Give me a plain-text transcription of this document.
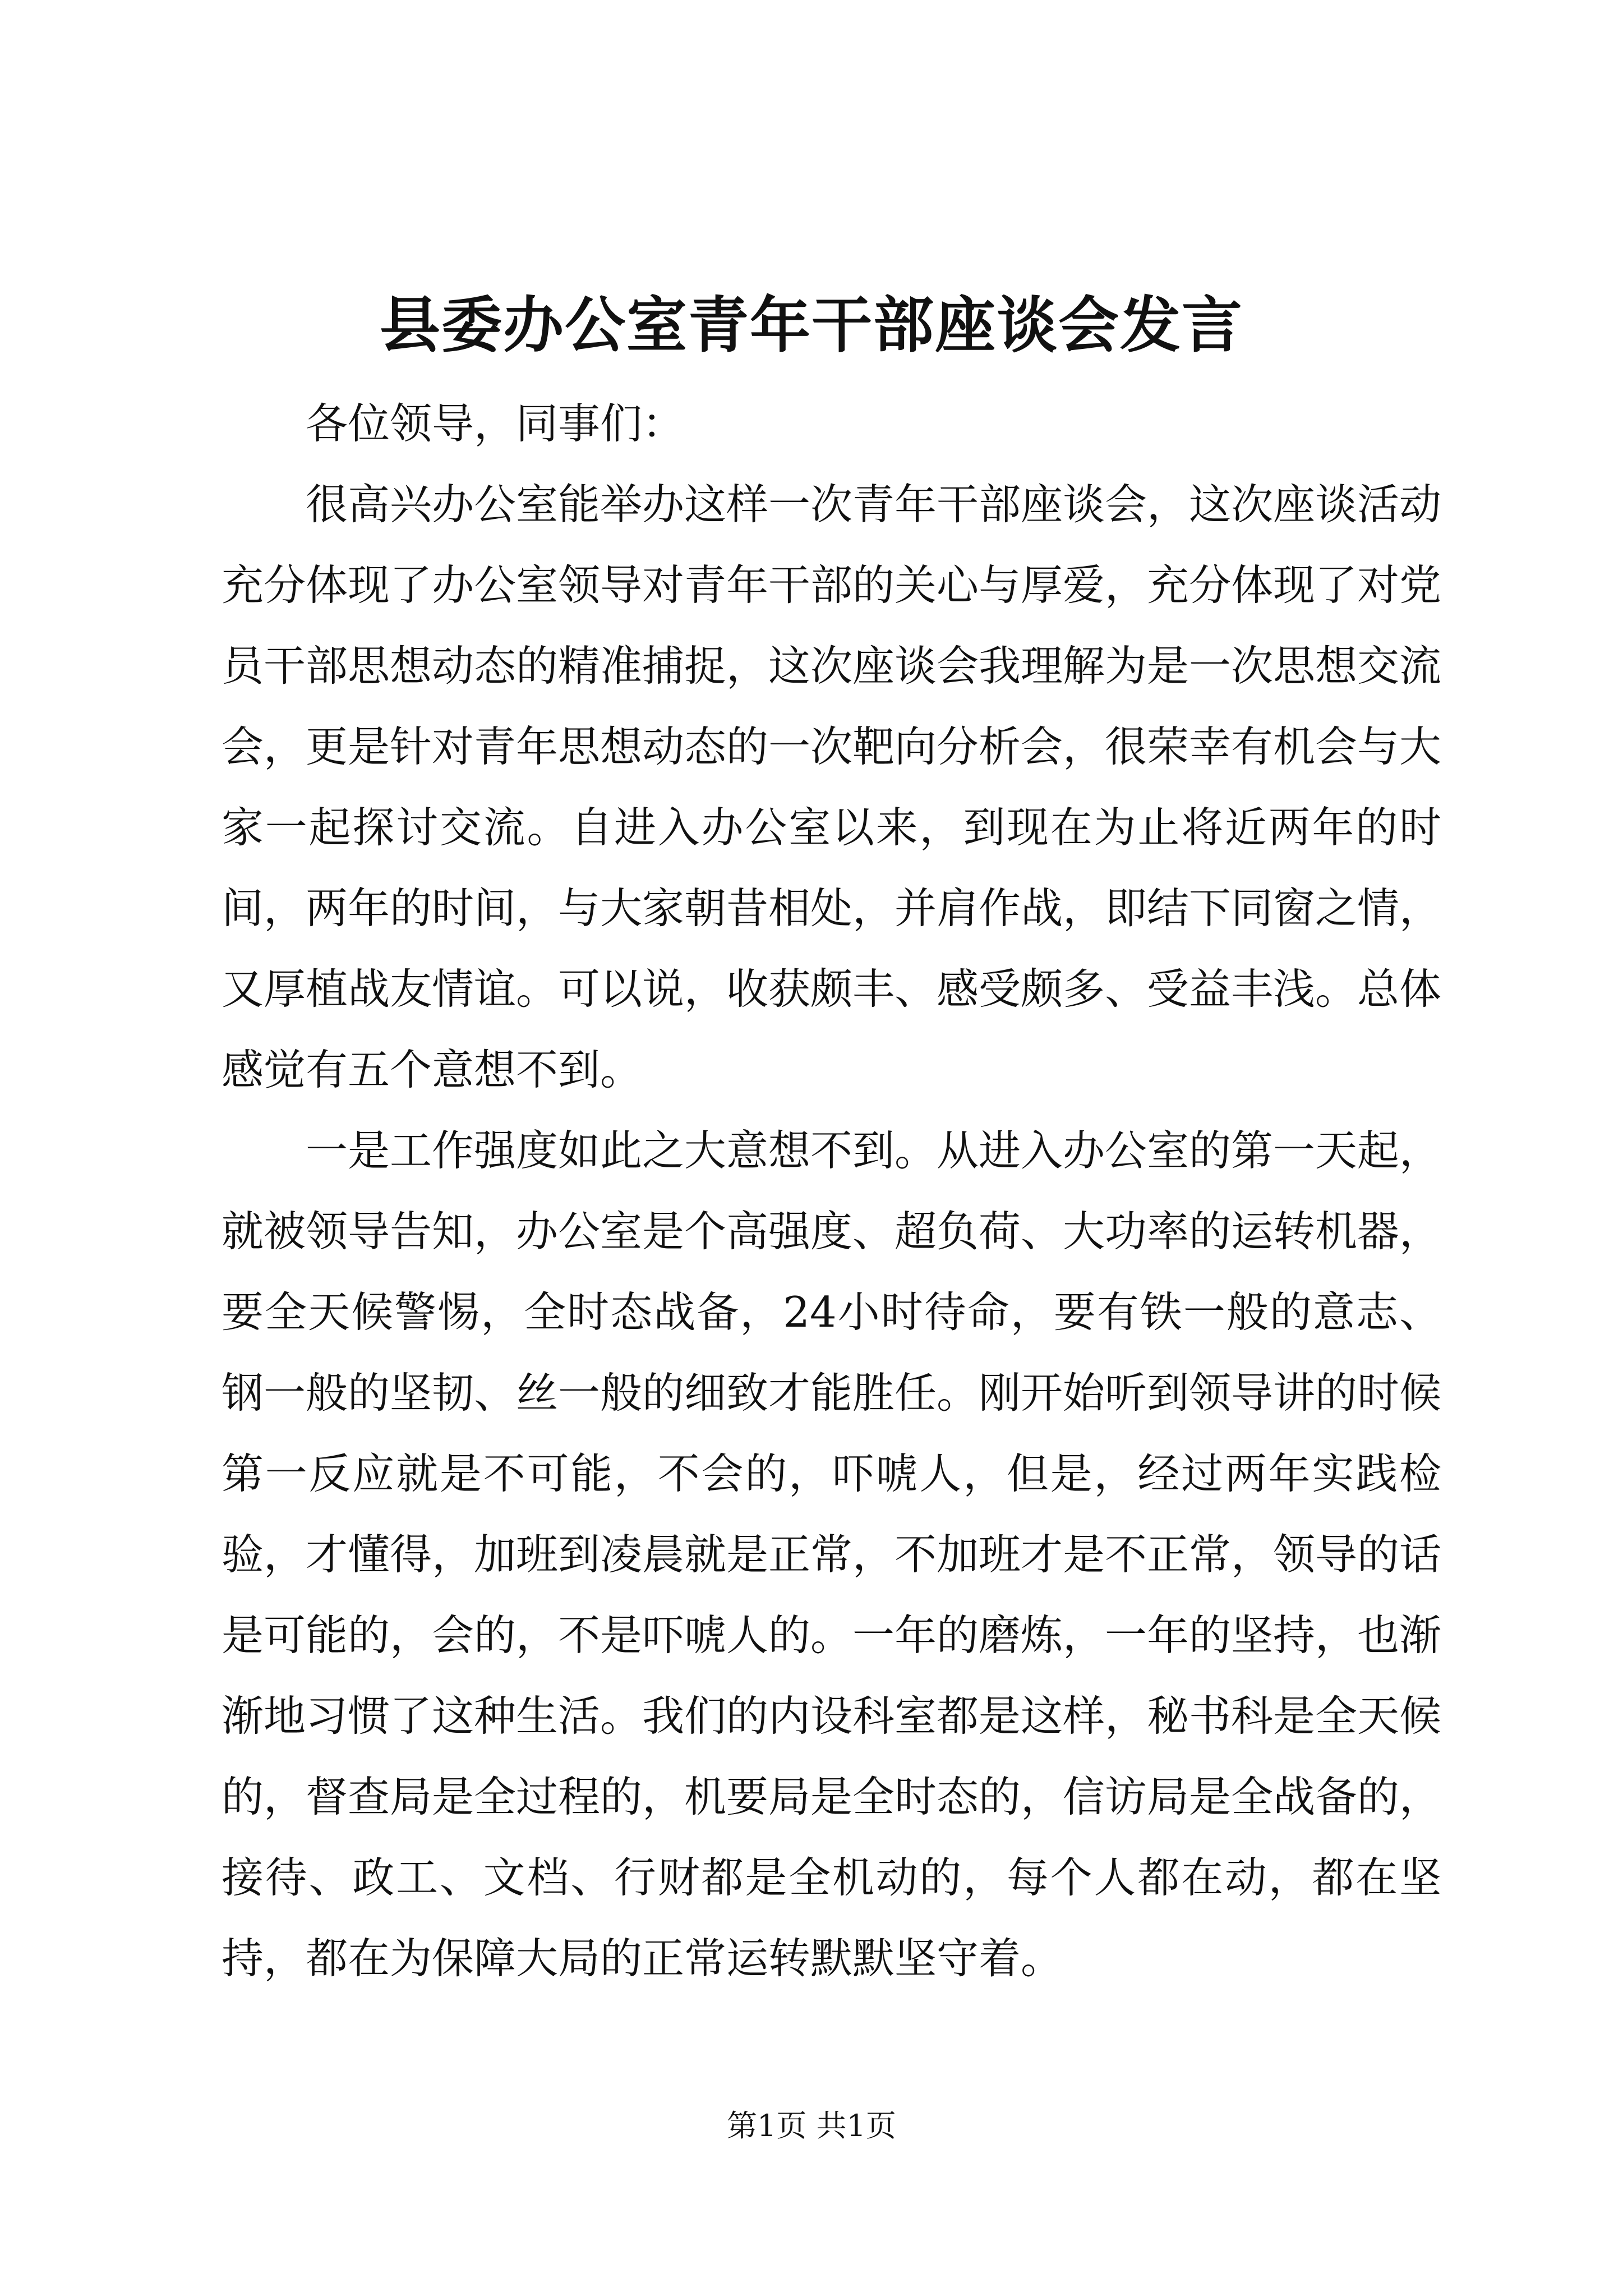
县委办公室青年干部座谈会发言

各位领导，同事们：

很高兴办公室能举办这样一次青年干部座谈会，这次座谈活动充分体现了办公室领导对青年干部的关心与厚爱，充分体现了对党员干部思想动态的精准捕捉，这次座谈会我理解为是一次思想交流会，更是针对青年思想动态的一次靶向分析会，很荣幸有机会与大家一起探讨交流。自进入办公室以来，到现在为止将近两年的时间，两年的时间，与大家朝昔相处，并肩作战，即结下同窗之情，又厚植战友情谊。可以说，收获颇丰、感受颇多、受益丰浅。总体感觉有五个意想不到。

一是工作强度如此之大意想不到。从进入办公室的第一天起，就被领导告知，办公室是个高强度、超负荷、大功率的运转机器，要全天候警惕，全时态战备，24小时待命，要有铁一般的意志、钢一般的坚韧、丝一般的细致才能胜任。刚开始听到领导讲的时候第一反应就是不可能，不会的，吓唬人，但是，经过两年实践检验，才懂得，加班到凌晨就是正常，不加班才是不正常，领导的话是可能的，会的，不是吓唬人的。一年的磨炼，一年的坚持，也渐渐地习惯了这种生活。我们的内设科室都是这样，秘书科是全天候的，督查局是全过程的，机要局是全时态的，信访局是全战备的，接待、政工、文档、行财都是全机动的，每个人都在动，都在坚持，都在为保障大局的正常运转默默坚守着。

第1页 共1页
